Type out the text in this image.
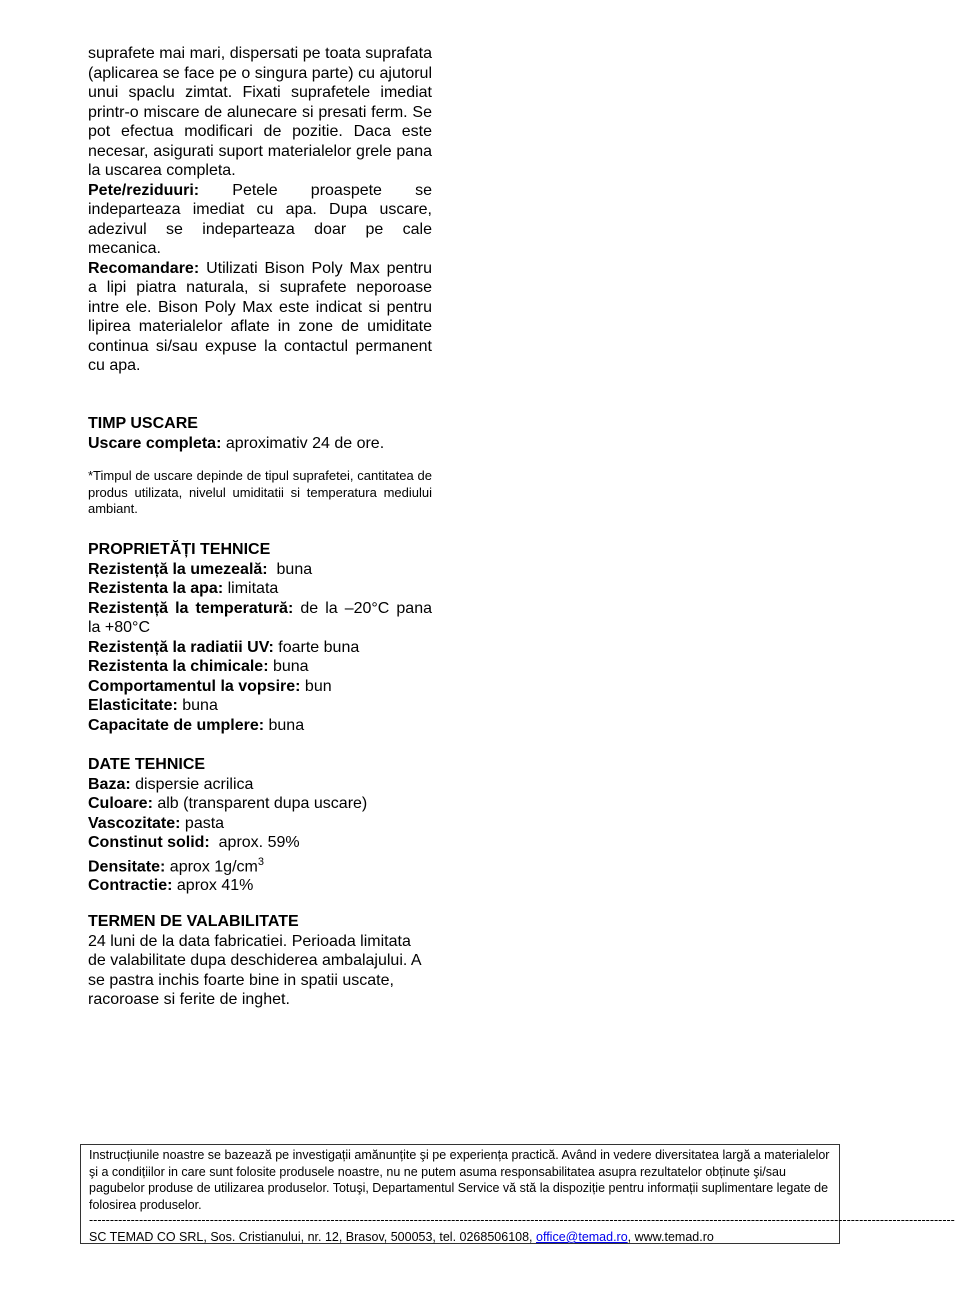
suprafete mai mari, dispersati pe toata suprafata (aplicarea se face pe o singura parte) cu ajutorul unui spaclu zimtat. Fixati suprafetele imediat printr-o miscare de alunecare si presati ferm. Se pot efectua modificari de pozitie. Daca este necesar, asigurati suport materialelor grele pana la uscarea completa.

Pete/reziduuri: Petele proaspete se indeparteaza imediat cu apa. Dupa uscare, adezivul se indeparteaza doar pe cale mecanica.

Recomandare: Utilizati Bison Poly Max pentru a lipi piatra naturala, si suprafete neporoase intre ele. Bison Poly Max este indicat si pentru lipirea materialelor aflate in zone de umiditate continua si/sau expuse la contactul permanent cu apa.

TIMP USCARE

Uscare completa: aproximativ 24 de ore.

*Timpul de uscare depinde de tipul suprafetei, cantitatea de produs utilizata, nivelul umiditatii si temperatura mediului ambiant.

PROPRIETĂȚI TEHNICE

Rezistență la umezeală:  buna

Rezistenta la apa: limitata

Rezistență la temperatură: de la –20°C pana la +80°C

Rezistență la radiatii UV: foarte buna

Rezistenta la chimicale: buna

Comportamentul la vopsire: bun

Elasticitate: buna

Capacitate de umplere: buna

DATE TEHNICE

Baza: dispersie acrilica

Culoare: alb (transparent dupa uscare)

Vascozitate: pasta

Constinut solid:  aprox. 59%

Densitate: aprox $1g/cm^3$

Contractie: aprox 41%

TERMEN DE VALABILITATE

24 luni de la data fabricatiei. Perioada limitata de valabilitate dupa deschiderea ambalajului. A se pastra inchis foarte bine in spatii uscate, racoroase si ferite de inghet.

Instrucțiunile noastre se bazează pe investigații amănunțite şi pe experiența practică. Având in vedere diversitatea largă a materialelor şi a condițiilor in care sunt folosite produsele noastre, nu ne putem asuma responsabilitatea asupra rezultatelor obținute şi/sau pagubelor produse de utilizarea produselor. Totuşi, Departamentul Service vă stă la dispoziție pentru informații suplimentare legate de folosirea produselor.
----------------------------------------------------------------------------------------------------------------------------------------------------------------------------------------------------------------
SC TEMAD CO SRL, Sos. Cristianului, nr. 12, Brasov, 500053, tel. 0268506108, office@temad.ro, www.temad.ro
